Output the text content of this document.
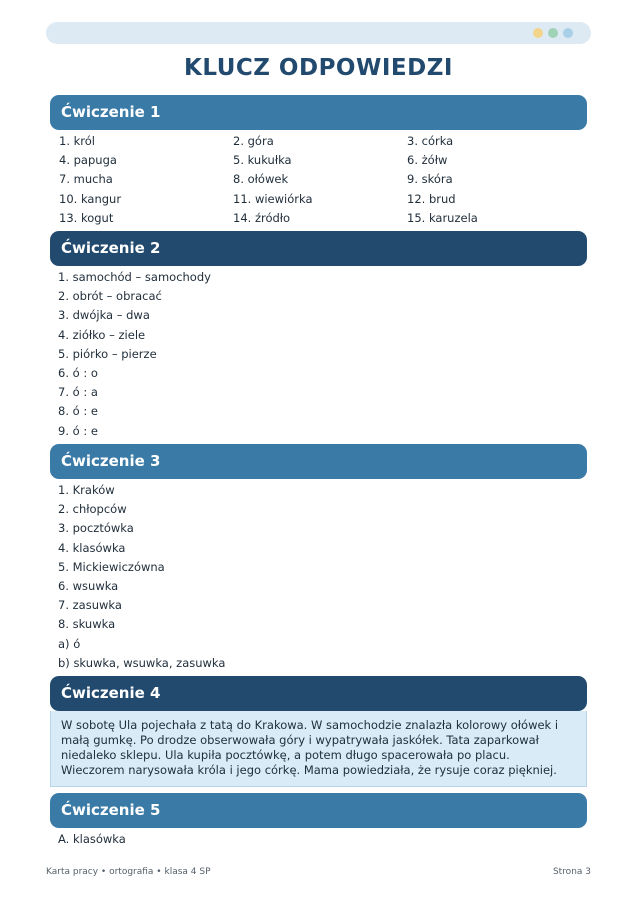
KLUCZ ODPOWIEDZI
Ćwiczenie 1
1. król	2. góra	3. córka
4. papuga	5. kukułka	6. żółw
7. mucha	8. ołówek	9. skóra
10. kangur	11. wiewiórka	12. brud
13. kogut	14. źródło	15. karuzela
Ćwiczenie 2
1. samochód – samochody
2. obrót – obracać
3. dwójka – dwa
4. ziółko – ziele
5. piórko – pierze
6. ó : o
7. ó : a
8. ó : e
9. ó : e
Ćwiczenie 3
1. Kraków
2. chłopców
3. pocztówka
4. klasówka
5. Mickiewiczówna
6. wsuwka
7. zasuwka
8. skuwka
a) ó
b) skuwka, wsuwka, zasuwka
Ćwiczenie 4
W sobotę Ula pojechała z tatą do Krakowa. W samochodzie znalazła kolorowy ołówek i małą gumkę. Po drodze obserwowała góry i wypatrywała jaskółek. Tata zaparkował niedaleko sklepu. Ula kupiła pocztówkę, a potem długo spacerowała po placu. Wieczorem narysowała króla i jego córkę. Mama powiedziała, że rysuje coraz piękniej.
Ćwiczenie 5
A. klasówka
Karta pracy • ortografia • klasa 4 SP	Strona 3
